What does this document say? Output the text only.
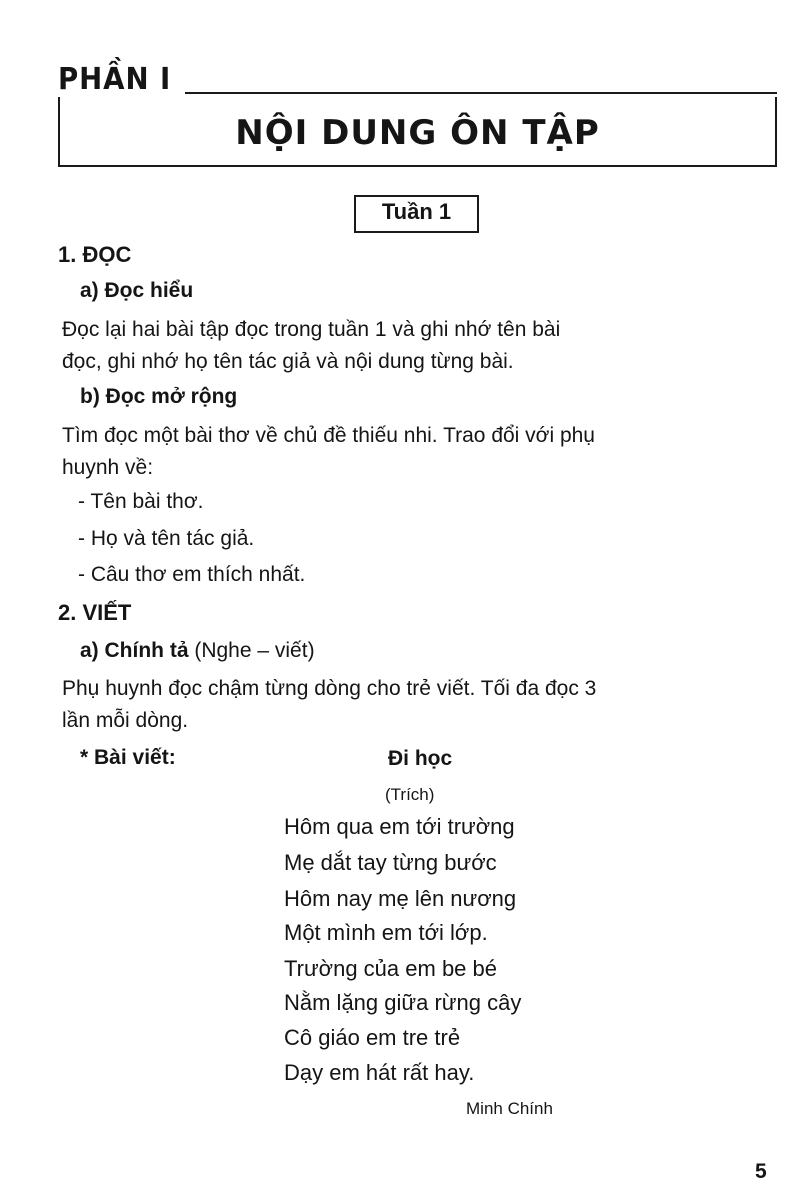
PHẦN I
NỘI DUNG ÔN TẬP
Tuần 1
1. ĐỌC
a) Đọc hiểu
Đọc lại hai bài tập đọc trong tuần 1 và ghi nhớ tên bài
đọc, ghi nhớ họ tên tác giả và nội dung từng bài.
b) Đọc mở rộng
Tìm đọc một bài thơ về chủ đề thiếu nhi. Trao đổi với phụ
huynh về:
- Tên bài thơ.
- Họ và tên tác giả.
- Câu thơ em thích nhất.
2. VIẾT
a) Chính tả (Nghe – viết)
Phụ huynh đọc chậm từng dòng cho trẻ viết. Tối đa đọc 3
lần mỗi dòng.
* Bài viết:	Đi học
(Trích)
Hôm qua em tới trường
Mẹ dắt tay từng bước
Hôm nay mẹ lên nương
Một mình em tới lớp.
Trường của em be bé
Nằm lặng giữa rừng cây
Cô giáo em tre trẻ
Dạy em hát rất hay.
Minh Chính
5
